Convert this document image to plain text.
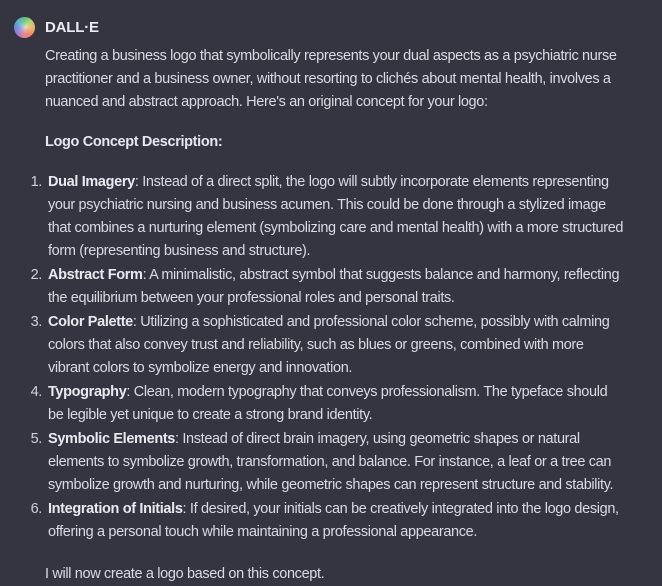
DALL·E

Creating a business logo that symbolically represents your dual aspects as a psychiatric nurse practitioner and a business owner, without resorting to clichés about mental health, involves a nuanced and abstract approach. Here's an original concept for your logo:

Logo Concept Description:

1. Dual Imagery: Instead of a direct split, the logo will subtly incorporate elements representing your psychiatric nursing and business acumen. This could be done through a stylized image that combines a nurturing element (symbolizing care and mental health) with a more structured form (representing business and structure).
2. Abstract Form: A minimalistic, abstract symbol that suggests balance and harmony, reflecting the equilibrium between your professional roles and personal traits.
3. Color Palette: Utilizing a sophisticated and professional color scheme, possibly with calming colors that also convey trust and reliability, such as blues or greens, combined with more vibrant colors to symbolize energy and innovation.
4. Typography: Clean, modern typography that conveys professionalism. The typeface should be legible yet unique to create a strong brand identity.
5. Symbolic Elements: Instead of direct brain imagery, using geometric shapes or natural elements to symbolize growth, transformation, and balance. For instance, a leaf or a tree can symbolize growth and nurturing, while geometric shapes can represent structure and stability.
6. Integration of Initials: If desired, your initials can be creatively integrated into the logo design, offering a personal touch while maintaining a professional appearance.

I will now create a logo based on this concept.
